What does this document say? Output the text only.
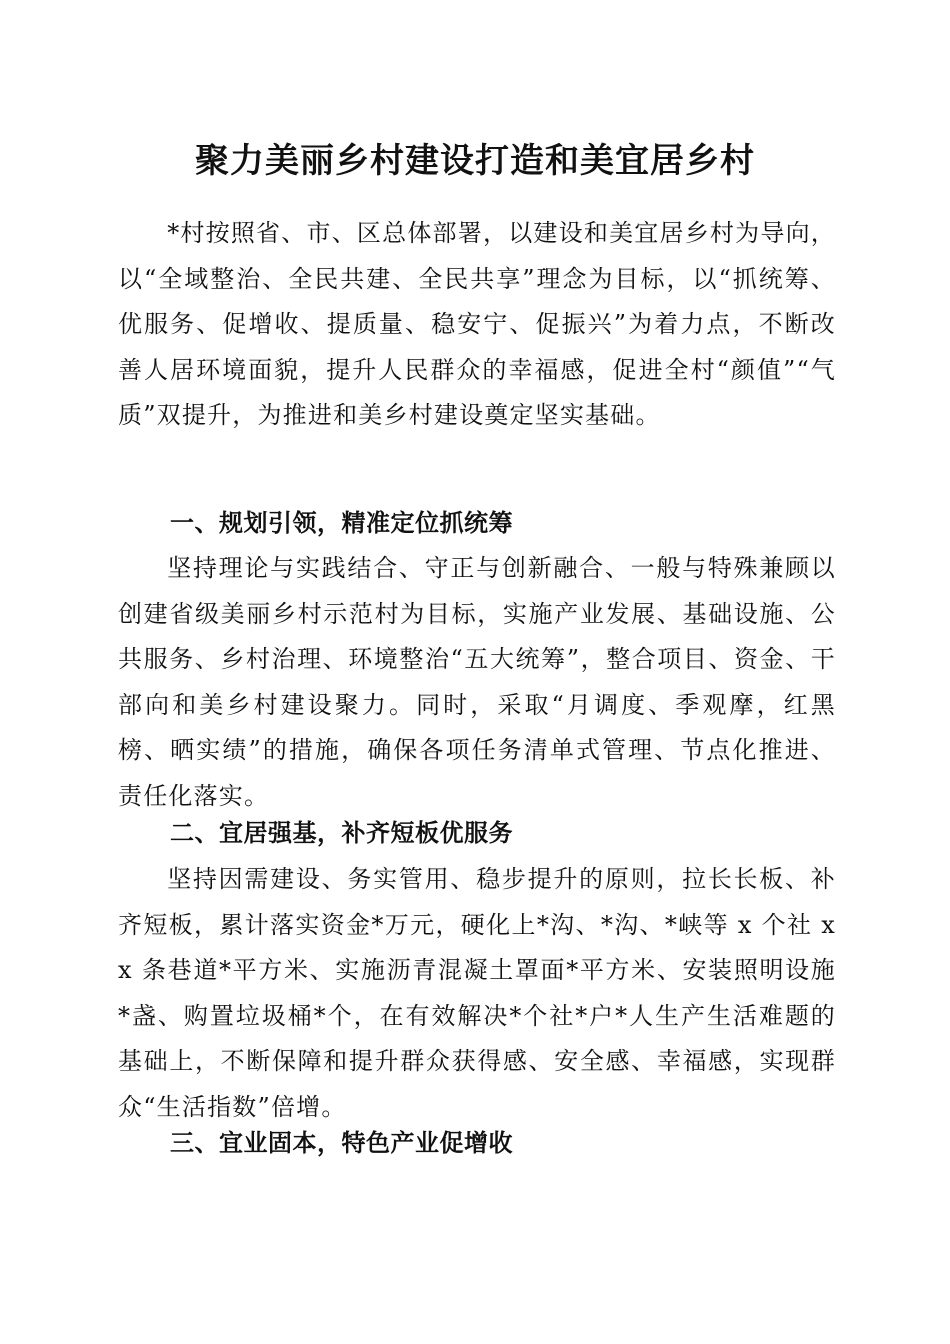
聚力美丽乡村建设打造和美宜居乡村

*村按照省、市、区总体部署，以建设和美宜居乡村为导向，以“全域整治、全民共建、全民共享”理念为目标，以“抓统筹、优服务、促增收、提质量、稳安宁、促振兴”为着力点，不断改善人居环境面貌，提升人民群众的幸福感，促进全村“颜值”“气质”双提升，为推进和美乡村建设奠定坚实基础。

一、规划引领，精准定位抓统筹

坚持理论与实践结合、守正与创新融合、一般与特殊兼顾以创建省级美丽乡村示范村为目标，实施产业发展、基础设施、公共服务、乡村治理、环境整治“五大统筹”，整合项目、资金、干部向和美乡村建设聚力。同时，采取“月调度、季观摩，红黑榜、晒实绩”的措施，确保各项任务清单式管理、节点化推进、责任化落实。

二、宜居强基，补齐短板优服务

坚持因需建设、务实管用、稳步提升的原则，拉长长板、补齐短板，累计落实资金*万元，硬化上*沟、*沟、*峡等 x 个社 xx 条巷道*平方米、实施沥青混凝土罩面*平方米、安装照明设施*盏、购置垃圾桶*个，在有效解决*个社*户*人生产生活难题的基础上，不断保障和提升群众获得感、安全感、幸福感，实现群众“生活指数”倍增。

三、宜业固本，特色产业促增收
